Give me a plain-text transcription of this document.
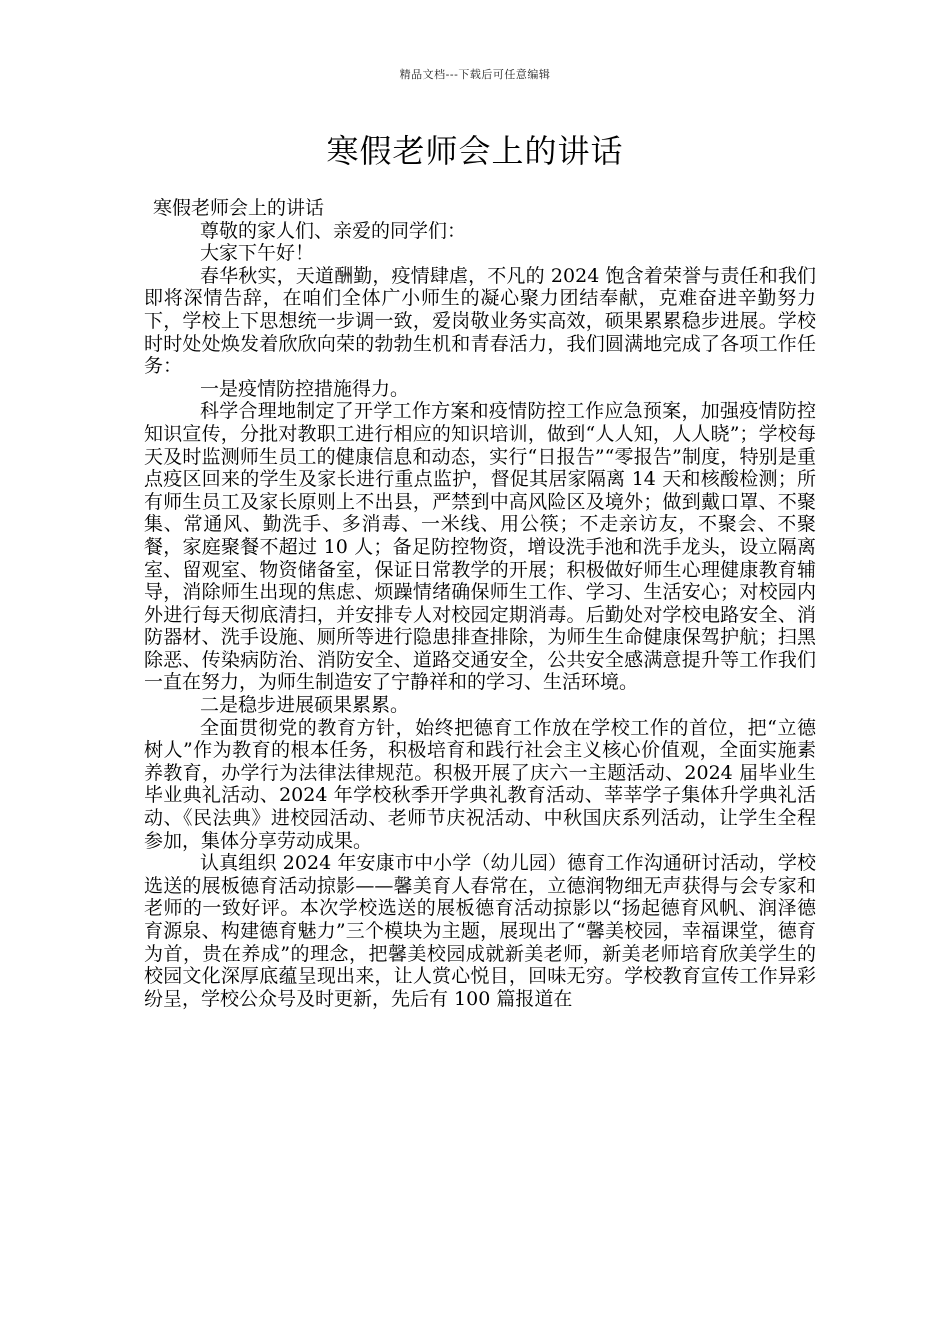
精品文档---下载后可任意编辑
寒假老师会上的讲话

寒假老师会上的讲话

尊敬的家人们、亲爱的同学们：

大家下午好！

春华秋实，天道酬勤，疫情肆虐，不凡的 2024 饱含着荣誉与责任和我们即将深情告辞，在咱们全体广小师生的凝心聚力团结奉献，克难奋进辛勤努力下，学校上下思想统一步调一致，爱岗敬业务实高效，硕果累累稳步进展。学校时时处处焕发着欣欣向荣的勃勃生机和青春活力，我们圆满地完成了各项工作任务：

一是疫情防控措施得力。

科学合理地制定了开学工作方案和疫情防控工作应急预案，加强疫情防控知识宣传，分批对教职工进行相应的知识培训，做到“人人知，人人晓”；学校每天及时监测师生员工的健康信息和动态，实行“日报告”“零报告”制度，特别是重点疫区回来的学生及家长进行重点监护，督促其居家隔离 14 天和核酸检测；所有师生员工及家长原则上不出县，严禁到中高风险区及境外；做到戴口罩、不聚集、常通风、勤洗手、多消毒、一米线、用公筷；不走亲访友，不聚会、不聚餐，家庭聚餐不超过 10 人；备足防控物资，增设洗手池和洗手龙头，设立隔离室、留观室、物资储备室，保证日常教学的开展；积极做好师生心理健康教育辅导，消除师生出现的焦虑、烦躁情绪确保师生工作、学习、生活安心；对校园内外进行每天彻底清扫，并安排专人对校园定期消毒。后勤处对学校电路安全、消防器材、洗手设施、厕所等进行隐患排查排除，为师生生命健康保驾护航；扫黑除恶、传染病防治、消防安全、道路交通安全，公共安全感满意提升等工作我们一直在努力，为师生制造安了宁静祥和的学习、生活环境。

二是稳步进展硕果累累。

全面贯彻党的教育方针，始终把德育工作放在学校工作的首位，把“立德树人”作为教育的根本任务，积极培育和践行社会主义核心价值观，全面实施素养教育，办学行为法律法律规范。积极开展了庆六一主题活动、2024 届毕业生毕业典礼活动、2024 年学校秋季开学典礼教育活动、莘莘学子集体升学典礼活动、《民法典》进校园活动、老师节庆祝活动、中秋国庆系列活动，让学生全程参加，集体分享劳动成果。

认真组织 2024 年安康市中小学（幼儿园）德育工作沟通研讨活动，学校选送的展板德育活动掠影——馨美育人春常在，立德润物细无声获得与会专家和老师的一致好评。本次学校选送的展板德育活动掠影以“扬起德育风帆、润泽德育源泉、构建德育魅力”三个模块为主题，展现出了“馨美校园，幸福课堂，德育为首，贵在养成”的理念，把馨美校园成就新美老师，新美老师培育欣美学生的校园文化深厚底蕴呈现出来，让人赏心悦目，回味无穷。学校教育宣传工作异彩纷呈，学校公众号及时更新，先后有 100 篇报道在
